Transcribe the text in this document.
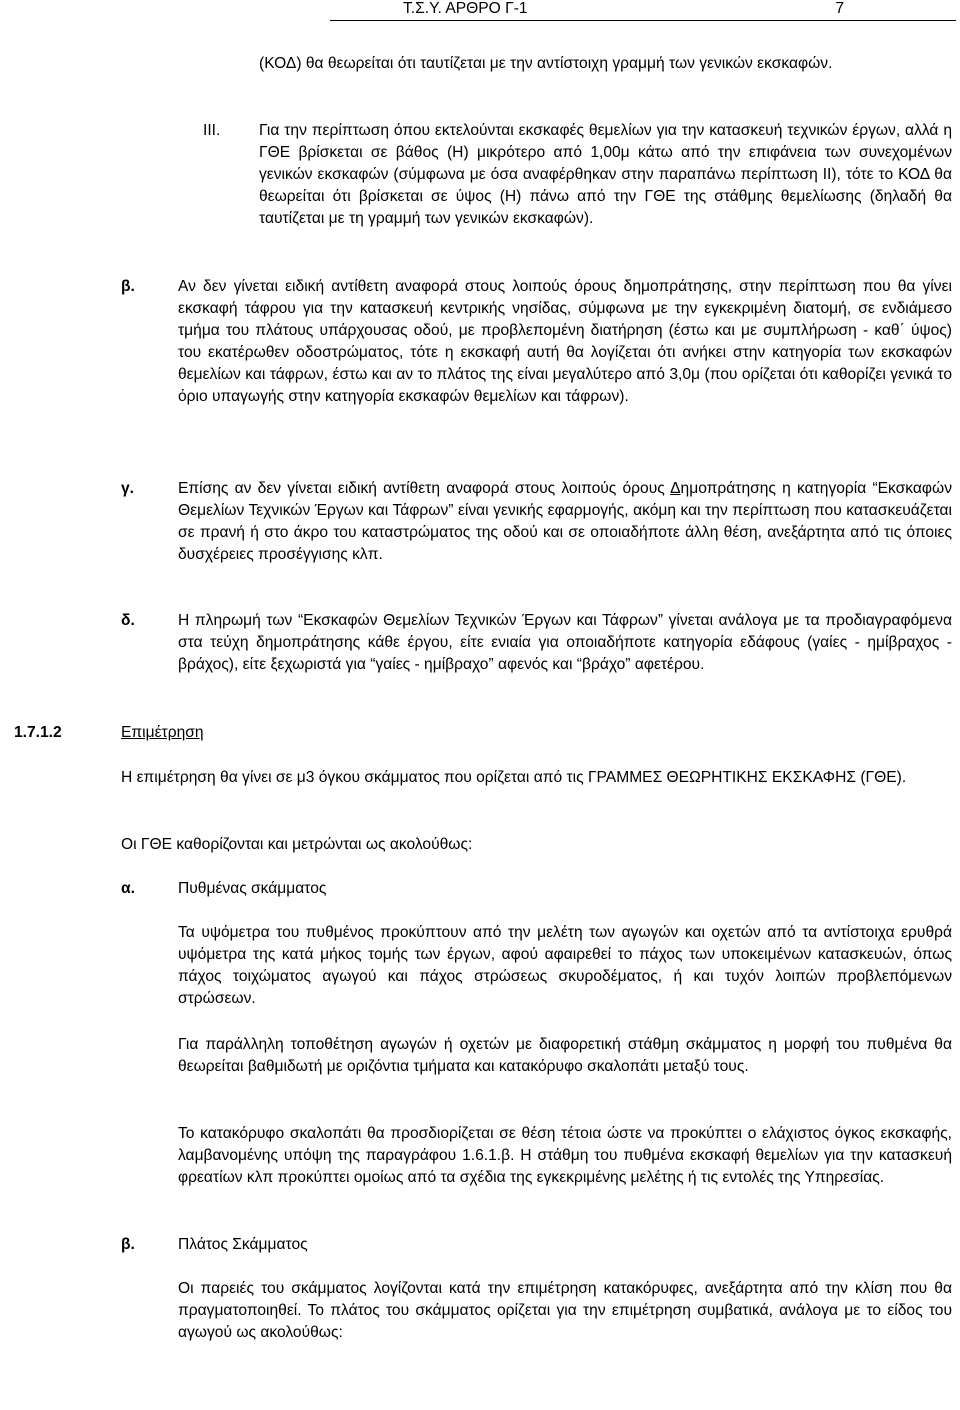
Τ.Σ.Υ. ΑΡΘΡΟ Γ-1	7

(ΚΟΔ) θα θεωρείται ότι ταυτίζεται με την αντίστοιχη γραμμή των γενικών εκσκαφών.

III. Για την περίπτωση όπου εκτελούνται εκσκαφές θεμελίων για την κατασκευή τεχνικών έργων, αλλά η ΓΘΕ βρίσκεται σε βάθος (Η) μικρότερο από 1,00μ κάτω από την επιφάνεια των συνεχομένων γενικών εκσκαφών (σύμφωνα με όσα αναφέρθηκαν στην παραπάνω περίπτωση ΙΙ), τότε το ΚΟΔ θα θεωρείται ότι βρίσκεται σε ύψος (Η) πάνω από την ΓΘΕ της στάθμης θεμελίωσης (δηλαδή θα ταυτίζεται με τη γραμμή των γενικών εκσκαφών).

β.	Αν δεν γίνεται ειδική αντίθετη αναφορά στους λοιπούς όρους δημοπράτησης, στην περίπτωση που θα γίνει εκσκαφή τάφρου για την κατασκευή κεντρικής νησίδας, σύμφωνα με την εγκεκριμένη διατομή, σε ενδιάμεσο τμήμα του πλάτους υπάρχουσας οδού, με προβλεπομένη διατήρηση (έστω και με συμπλήρωση - καθ΄ ύψος) του εκατέρωθεν οδοστρώματος, τότε η εκσκαφή αυτή θα λογίζεται ότι ανήκει στην κατηγορία των εκσκαφών θεμελίων και τάφρων, έστω και αν το πλάτος της είναι μεγαλύτερο από 3,0μ (που ορίζεται ότι καθορίζει γενικά το όριο υπαγωγής στην κατηγορία εκσκαφών θεμελίων και τάφρων).

γ.	Επίσης αν δεν γίνεται ειδική αντίθετη αναφορά στους λοιπούς όρους Δημοπράτησης η κατηγορία “Εκσκαφών Θεμελίων Τεχνικών Έργων και Τάφρων” είναι γενικής εφαρμογής, ακόμη και την περίπτωση που κατασκευάζεται σε πρανή ή στο άκρο του καταστρώματος της οδού και σε οποιαδήποτε άλλη θέση, ανεξάρτητα από τις όποιες δυσχέρειες προσέγγισης κλπ.

δ.	Η πληρωμή των “Εκσκαφών Θεμελίων Τεχνικών Έργων και Τάφρων” γίνεται ανάλογα με τα προδιαγραφόμενα στα τεύχη δημοπράτησης κάθε έργου, είτε ενιαία για οποιαδήποτε κατηγορία εδάφους (γαίες - ημίβραχος - βράχος), είτε ξεχωριστά για “γαίες - ημίβραχο” αφενός και “βράχο” αφετέρου.

1.7.1.2	Επιμέτρηση

Η επιμέτρηση θα γίνει σε μ3 όγκου σκάμματος που ορίζεται από τις ΓΡΑΜΜΕΣ ΘΕΩΡΗΤΙΚΗΣ ΕΚΣΚΑΦΗΣ (ΓΘΕ).

Οι ΓΘΕ καθορίζονται και μετρώνται ως ακολούθως:

α.	Πυθμένας σκάμματος

Τα υψόμετρα του πυθμένος προκύπτουν από την μελέτη των αγωγών και οχετών από τα αντίστοιχα ερυθρά υψόμετρα της κατά μήκος τομής των έργων, αφού αφαιρεθεί το πάχος των υποκειμένων κατασκευών, όπως πάχος τοιχώματος αγωγού και πάχος στρώσεως σκυροδέματος, ή και τυχόν λοιπών προβλεπόμενων στρώσεων.

Για παράλληλη τοποθέτηση αγωγών ή οχετών με διαφορετική στάθμη σκάμματος η μορφή του πυθμένα θα θεωρείται βαθμιδωτή με οριζόντια τμήματα και κατακόρυφο σκαλοπάτι μεταξύ τους.

Το κατακόρυφο σκαλοπάτι θα προσδιορίζεται σε θέση τέτοια ώστε να προκύπτει ο ελάχιστος όγκος εκσκαφής, λαμβανομένης υπόψη της παραγράφου 1.6.1.β. Η στάθμη του πυθμένα εκσκαφή θεμελίων για την κατασκευή φρεατίων κλπ προκύπτει ομοίως από τα σχέδια της εγκεκριμένης μελέτης ή τις εντολές της Υπηρεσίας.

β.	Πλάτος Σκάμματος

Οι παρειές του σκάμματος λογίζονται κατά την επιμέτρηση κατακόρυφες, ανεξάρτητα από την κλίση που θα πραγματοποιηθεί. Το πλάτος του σκάμματος ορίζεται για την επιμέτρηση συμβατικά, ανάλογα με το είδος του αγωγού ως ακολούθως:
